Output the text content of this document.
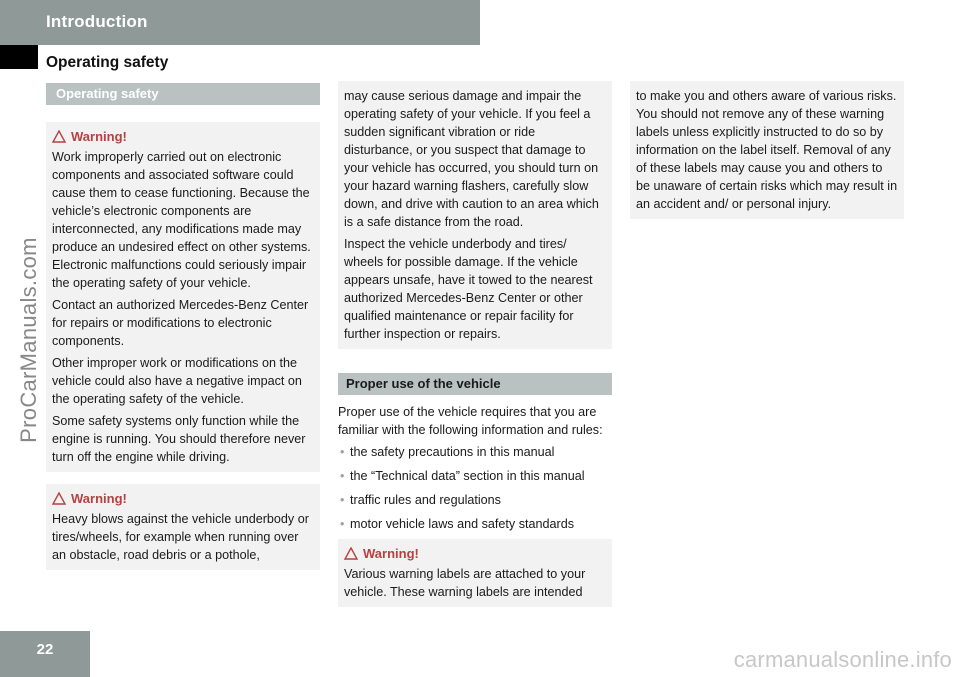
Introduction
Operating safety
ProCarManuals.com
Operating safety
Warning!

Work improperly carried out on electronic components and associated software could cause them to cease functioning. Because the vehicle’s electronic components are interconnected, any modifications made may produce an undesired effect on other systems. Electronic malfunctions could seriously impair the operating safety of your vehicle.

Contact an authorized Mercedes-Benz Center for repairs or modifications to electronic components.

Other improper work or modifications on the vehicle could also have a negative impact on the operating safety of the vehicle.

Some safety systems only function while the engine is running. You should therefore never turn off the engine while driving.

Warning!

Heavy blows against the vehicle underbody or tires/wheels, for example when running over an obstacle, road debris or a pothole,

may cause serious damage and impair the operating safety of your vehicle. If you feel a sudden significant vibration or ride disturbance, or you suspect that damage to your vehicle has occurred, you should turn on your hazard warning flashers, carefully slow down, and drive with caution to an area which is a safe distance from the road.

Inspect the vehicle underbody and tires/ wheels for possible damage. If the vehicle appears unsafe, have it towed to the nearest authorized Mercedes-Benz Center or other qualified maintenance or repair facility for further inspection or repairs.

Proper use of the vehicle

Proper use of the vehicle requires that you are familiar with the following information and rules:

• the safety precautions in this manual
• the “Technical data” section in this manual
• traffic rules and regulations
• motor vehicle laws and safety standards
Warning!

Various warning labels are attached to your vehicle. These warning labels are intended

to make you and others aware of various risks. You should not remove any of these warning labels unless explicitly instructed to do so by information on the label itself. Removal of any of these labels may cause you and others to be unaware of certain risks which may result in an accident and/ or personal injury.

22	carmanualsonline.info
